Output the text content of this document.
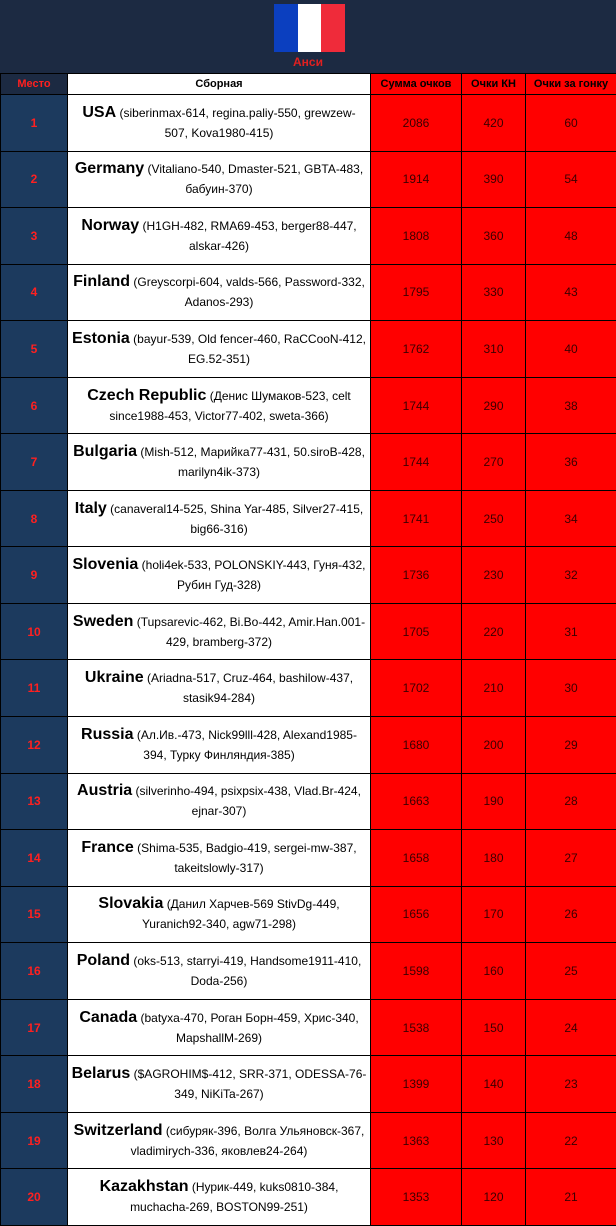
Анси
Место	Сборная	Сумма очков	Очки КН	Очки за гонку
1	USA (siberinmax-614, regina.paliy-550, grewzew-507, Kova1980-415)	2086	420	60
2	Germany (Vitaliano-540, Dmaster-521, GBTA-483, бабуин-370)	1914	390	54
3	Norway (H1GH-482, RMA69-453, berger88-447, alskar-426)	1808	360	48
4	Finland (Greyscorpi-604, valds-566, Password-332, Adanos-293)	1795	330	43
5	Estonia (bayur-539, Old fencer-460, RaCCooN-412, EG.52-351)	1762	310	40
6	Czech Republic (Денис Шумаков-523, celt since1988-453, Victor77-402, sweta-366)	1744	290	38
7	Bulgaria (Mish-512, Марийка77-431, 50.siroB-428, marilyn4ik-373)	1744	270	36
8	Italy (canaveral14-525, Shina Yar-485, Silver27-415, big66-316)	1741	250	34
9	Slovenia (holi4ek-533, POLONSKIY-443, Гуня-432, Рубин Гуд-328)	1736	230	32
10	Sweden (Tupsarevic-462, Bi.Bo-442, Amir.Han.001-429, bramberg-372)	1705	220	31
11	Ukraine (Ariadna-517, Cruz-464, bashilow-437, stasik94-284)	1702	210	30
12	Russia (Ал.Ив.-473, Nick99lll-428, Alexand1985-394, Турку Финляндия-385)	1680	200	29
13	Austria (silverinho-494, psixpsix-438, Vlad.Br-424, ejnar-307)	1663	190	28
14	France (Shima-535, Badgio-419, sergei-mw-387, takeitslowly-317)	1658	180	27
15	Slovakia (Данил Харчев-569 StivDg-449, Yuranich92-340, agw71-298)	1656	170	26
16	Poland (oks-513, starryi-419, Handsome1911-410, Doda-256)	1598	160	25
17	Canada (batyxa-470, Роган Борн-459, Хрис-340, MapshallM-269)	1538	150	24
18	Belarus ($AGROHIM$-412, SRR-371, ODESSA-76-349, NiKiTa-267)	1399	140	23
19	Switzerland (сибуряк-396, Волга Ульяновск-367, vladimirych-336, яковлев24-264)	1363	130	22
20	Kazakhstan (Нурик-449, kuks0810-384, muchacha-269, BOSTON99-251)	1353	120	21
